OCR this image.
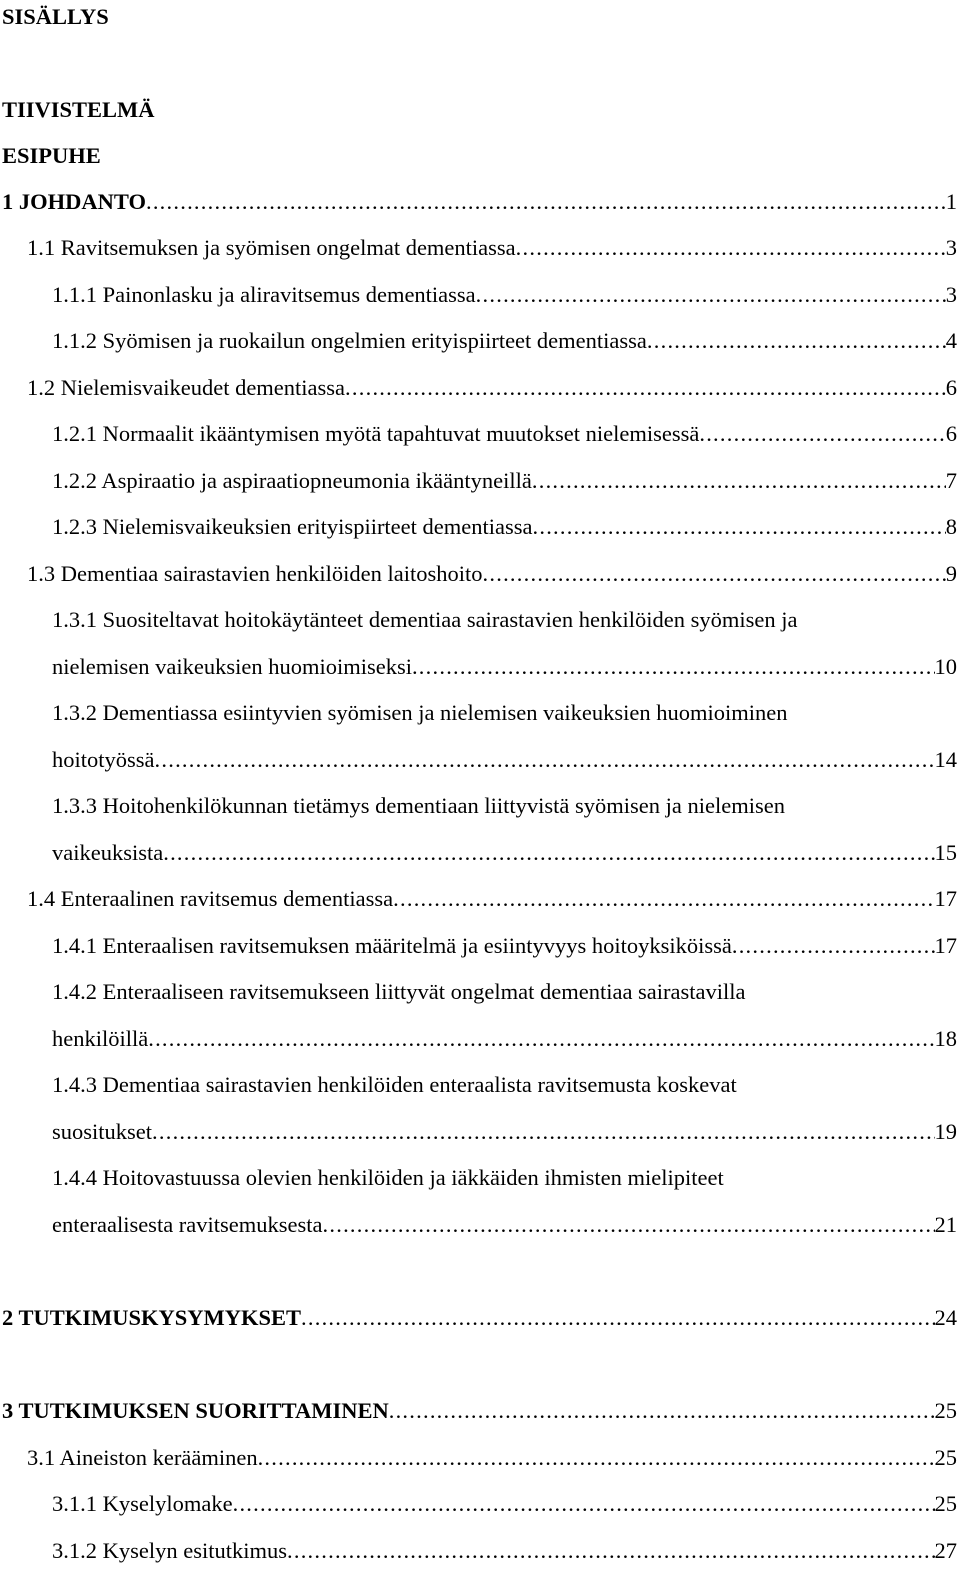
SISÄLLYS
TIIVISTELMÄ
ESIPUHE
1 JOHDANTO . . .	1
1.1 Ravitsemuksen ja syömisen ongelmat dementiassa . . .	3
1.1.1 Painonlasku ja aliravitsemus dementiassa . . .	3
1.1.2 Syömisen ja ruokailun ongelmien erityispiirteet dementiassa . . .	4
1.2 Nielemisvaikeudet dementiassa . . .	6
1.2.1 Normaalit ikääntymisen myötä tapahtuvat muutokset nielemisessä . . .	6
1.2.2 Aspiraatio ja aspiraatiopneumonia ikääntyneillä . . .	7
1.2.3 Nielemisvaikeuksien erityispiirteet dementiassa . . .	8
1.3 Dementiaa sairastavien henkilöiden laitoshoito . . .	9
1.3.1 Suositeltavat hoitokäytänteet dementiaa sairastavien henkilöiden syömisen ja
nielemisen vaikeuksien huomioimiseksi . . .	10
1.3.2 Dementiassa esiintyvien syömisen ja nielemisen vaikeuksien huomioiminen
hoitotyössä . . .	14
1.3.3 Hoitohenkilökunnan tietämys dementiaan liittyvistä syömisen ja nielemisen
vaikeuksista . . .	15
1.4 Enteraalinen ravitsemus dementiassa . . .	17
1.4.1 Enteraalisen ravitsemuksen määritelmä ja esiintyvyys hoitoyksiköissä . . .	17
1.4.2 Enteraaliseen ravitsemukseen liittyvät ongelmat dementiaa sairastavilla
henkilöillä . . .	18
1.4.3 Dementiaa sairastavien henkilöiden enteraalista ravitsemusta koskevat
suositukset . . .	19
1.4.4 Hoitovastuussa olevien henkilöiden ja iäkkäiden ihmisten mielipiteet
enteraalisesta ravitsemuksesta . . .	21
2 TUTKIMUSKYSYMYKSET . . .	24
3 TUTKIMUKSEN SUORITTAMINEN . . .	25
3.1 Aineiston kerääminen . . .	25
3.1.1 Kyselylomake . . .	25
3.1.2 Kyselyn esitutkimus . . .	27
